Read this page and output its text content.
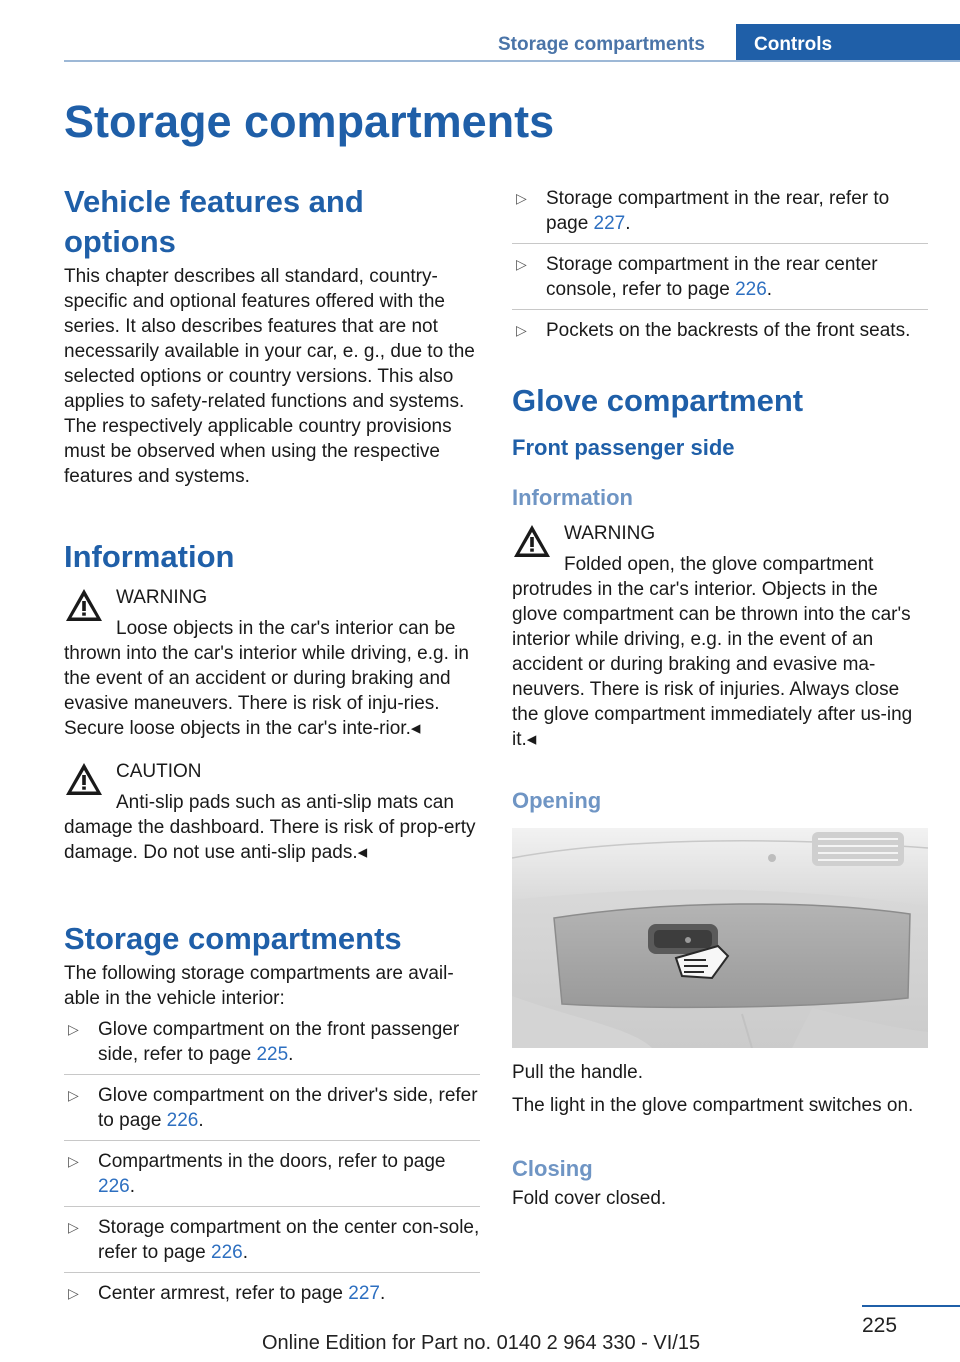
Storage compartments	Controls
Storage compartments
Vehicle features and options

This chapter describes all standard, country-specific and optional features offered with the series. It also describes features that are not necessarily available in your car, e. g., due to the selected options or country versions. This also applies to safety-related functions and systems. The respectively applicable country provisions must be observed when using the respective features and systems.

Information
WARNING
Loose objects in the car's interior can be
thrown into the car's interior while driving, e.g. in the event of an accident or during braking and evasive maneuvers. There is risk of inju-ries. Secure loose objects in the car's inte-rior.◂
CAUTION
Anti-slip pads such as anti-slip mats can
damage the dashboard. There is risk of prop-erty damage. Do not use anti-slip pads.◂
Storage compartments

The following storage compartments are avail-able in the vehicle interior:

▷ Glove compartment on the front passenger side, refer to page 225.
▷ Glove compartment on the driver's side, refer to page 226.
▷ Compartments in the doors, refer to page 226.
▷ Storage compartment on the center con-sole, refer to page 226.
▷ Center armrest, refer to page 227.
▷ Storage compartment in the rear, refer to page 227.
▷ Storage compartment in the rear center console, refer to page 226.
▷ Pockets on the backrests of the front seats.
Glove compartment
Front passenger side
Information
WARNING
Folded open, the glove compartment
protrudes in the car's interior. Objects in the glove compartment can be thrown into the car's interior while driving, e.g. in the event of an accident or during braking and evasive ma-neuvers. There is risk of injuries. Always close the glove compartment immediately after us-ing it.◂
Opening

Pull the handle.

The light in the glove compartment switches on.

Closing

Fold cover closed.

225
Online Edition for Part no. 0140 2 964 330 - VI/15
